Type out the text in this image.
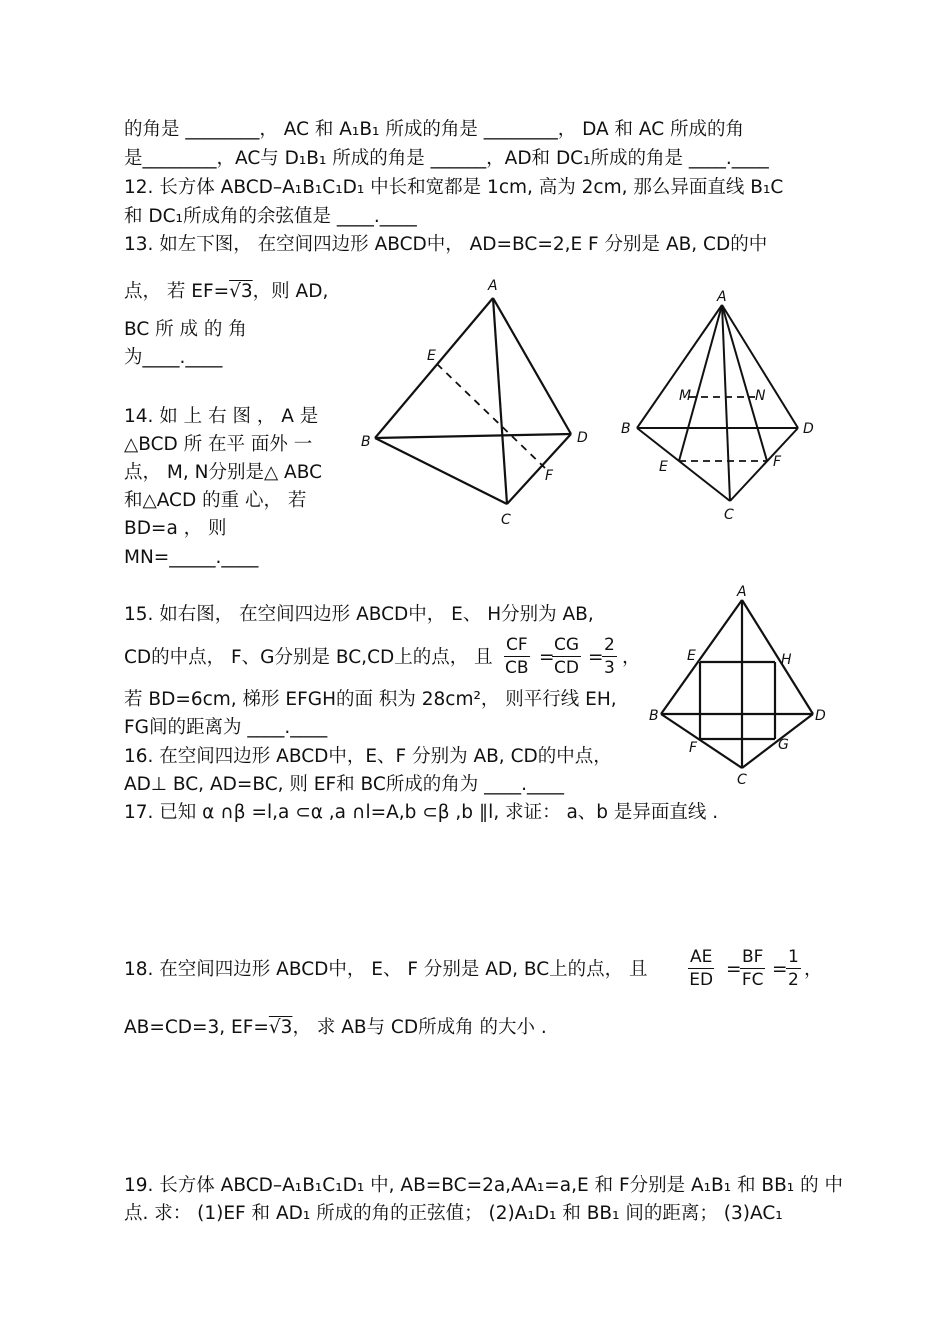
的角是 ________， AC 和 A₁B₁ 所成的角是 ________， DA 和 AC 所成的角
是________，AC与 D₁B₁ 所成的角是 ______，AD和 DC₁所成的角是 ____.____
12. 长方体 ABCD–A₁B₁C₁D₁ 中长和宽都是 1cm, 高为 2cm, 那么异面直线 B₁C
和 DC₁所成角的余弦值是 ____.____
13. 如左下图， 在空间四边形 ABCD中， AD=BC=2,E F 分别是 AB, CD的中
点， 若 EF=√3，则 AD,
BC 所 成 的 角
为____.____
14. 如 上 右 图 ， A 是
△BCD 所 在平 面外 一
点， M, N分别是△ ABC
和△ACD 的重 心， 若
BD=a ， 则
MN=_____.____
A
E
B	D
F
C
A
M	N
B	D
E	F
C
15. 如右图， 在空间四边形 ABCD中， E、 H分别为 AB,
CD的中点， F、G分别是 BC,CD上的点， 且 $\frac{CF}{CB}$ =
$\frac{CG}{CD}$ =
$\frac{2}{3}$ ，
若 BD=6cm, 梯形 EFGH的面 积为 28cm²， 则平行线 EH,
FG间的距离为 ____.____
A
E	H
B	D
F	G
C
16. 在空间四边形 ABCD中，E、F 分别为 AB, CD的中点，
AD⊥ BC, AD=BC, 则 EF和 BC所成的角为 ____.____
17. 已知 α ∩β =l,a ⊂α ,a ∩l=A,b ⊂β ,b ∥l, 求证： a、b 是异面直线 .
18. 在空间四边形 ABCD中， E、 F 分别是 AD, BC上的点， 且 $\frac{AE}{ED}$ =
$\frac{BF}{FC}$ =
$\frac{1}{2}$ ，
AB=CD=3, EF=√3， 求 AB与 CD所成角 的大小 .
19. 长方体 ABCD–A₁B₁C₁D₁ 中, AB=BC=2a,AA₁=a,E 和 F分别是 A₁B₁ 和 BB₁ 的 中
点. 求： (1)EF 和 AD₁ 所成的角的正弦值； (2)A₁D₁ 和 BB₁ 间的距离； (3)AC₁
